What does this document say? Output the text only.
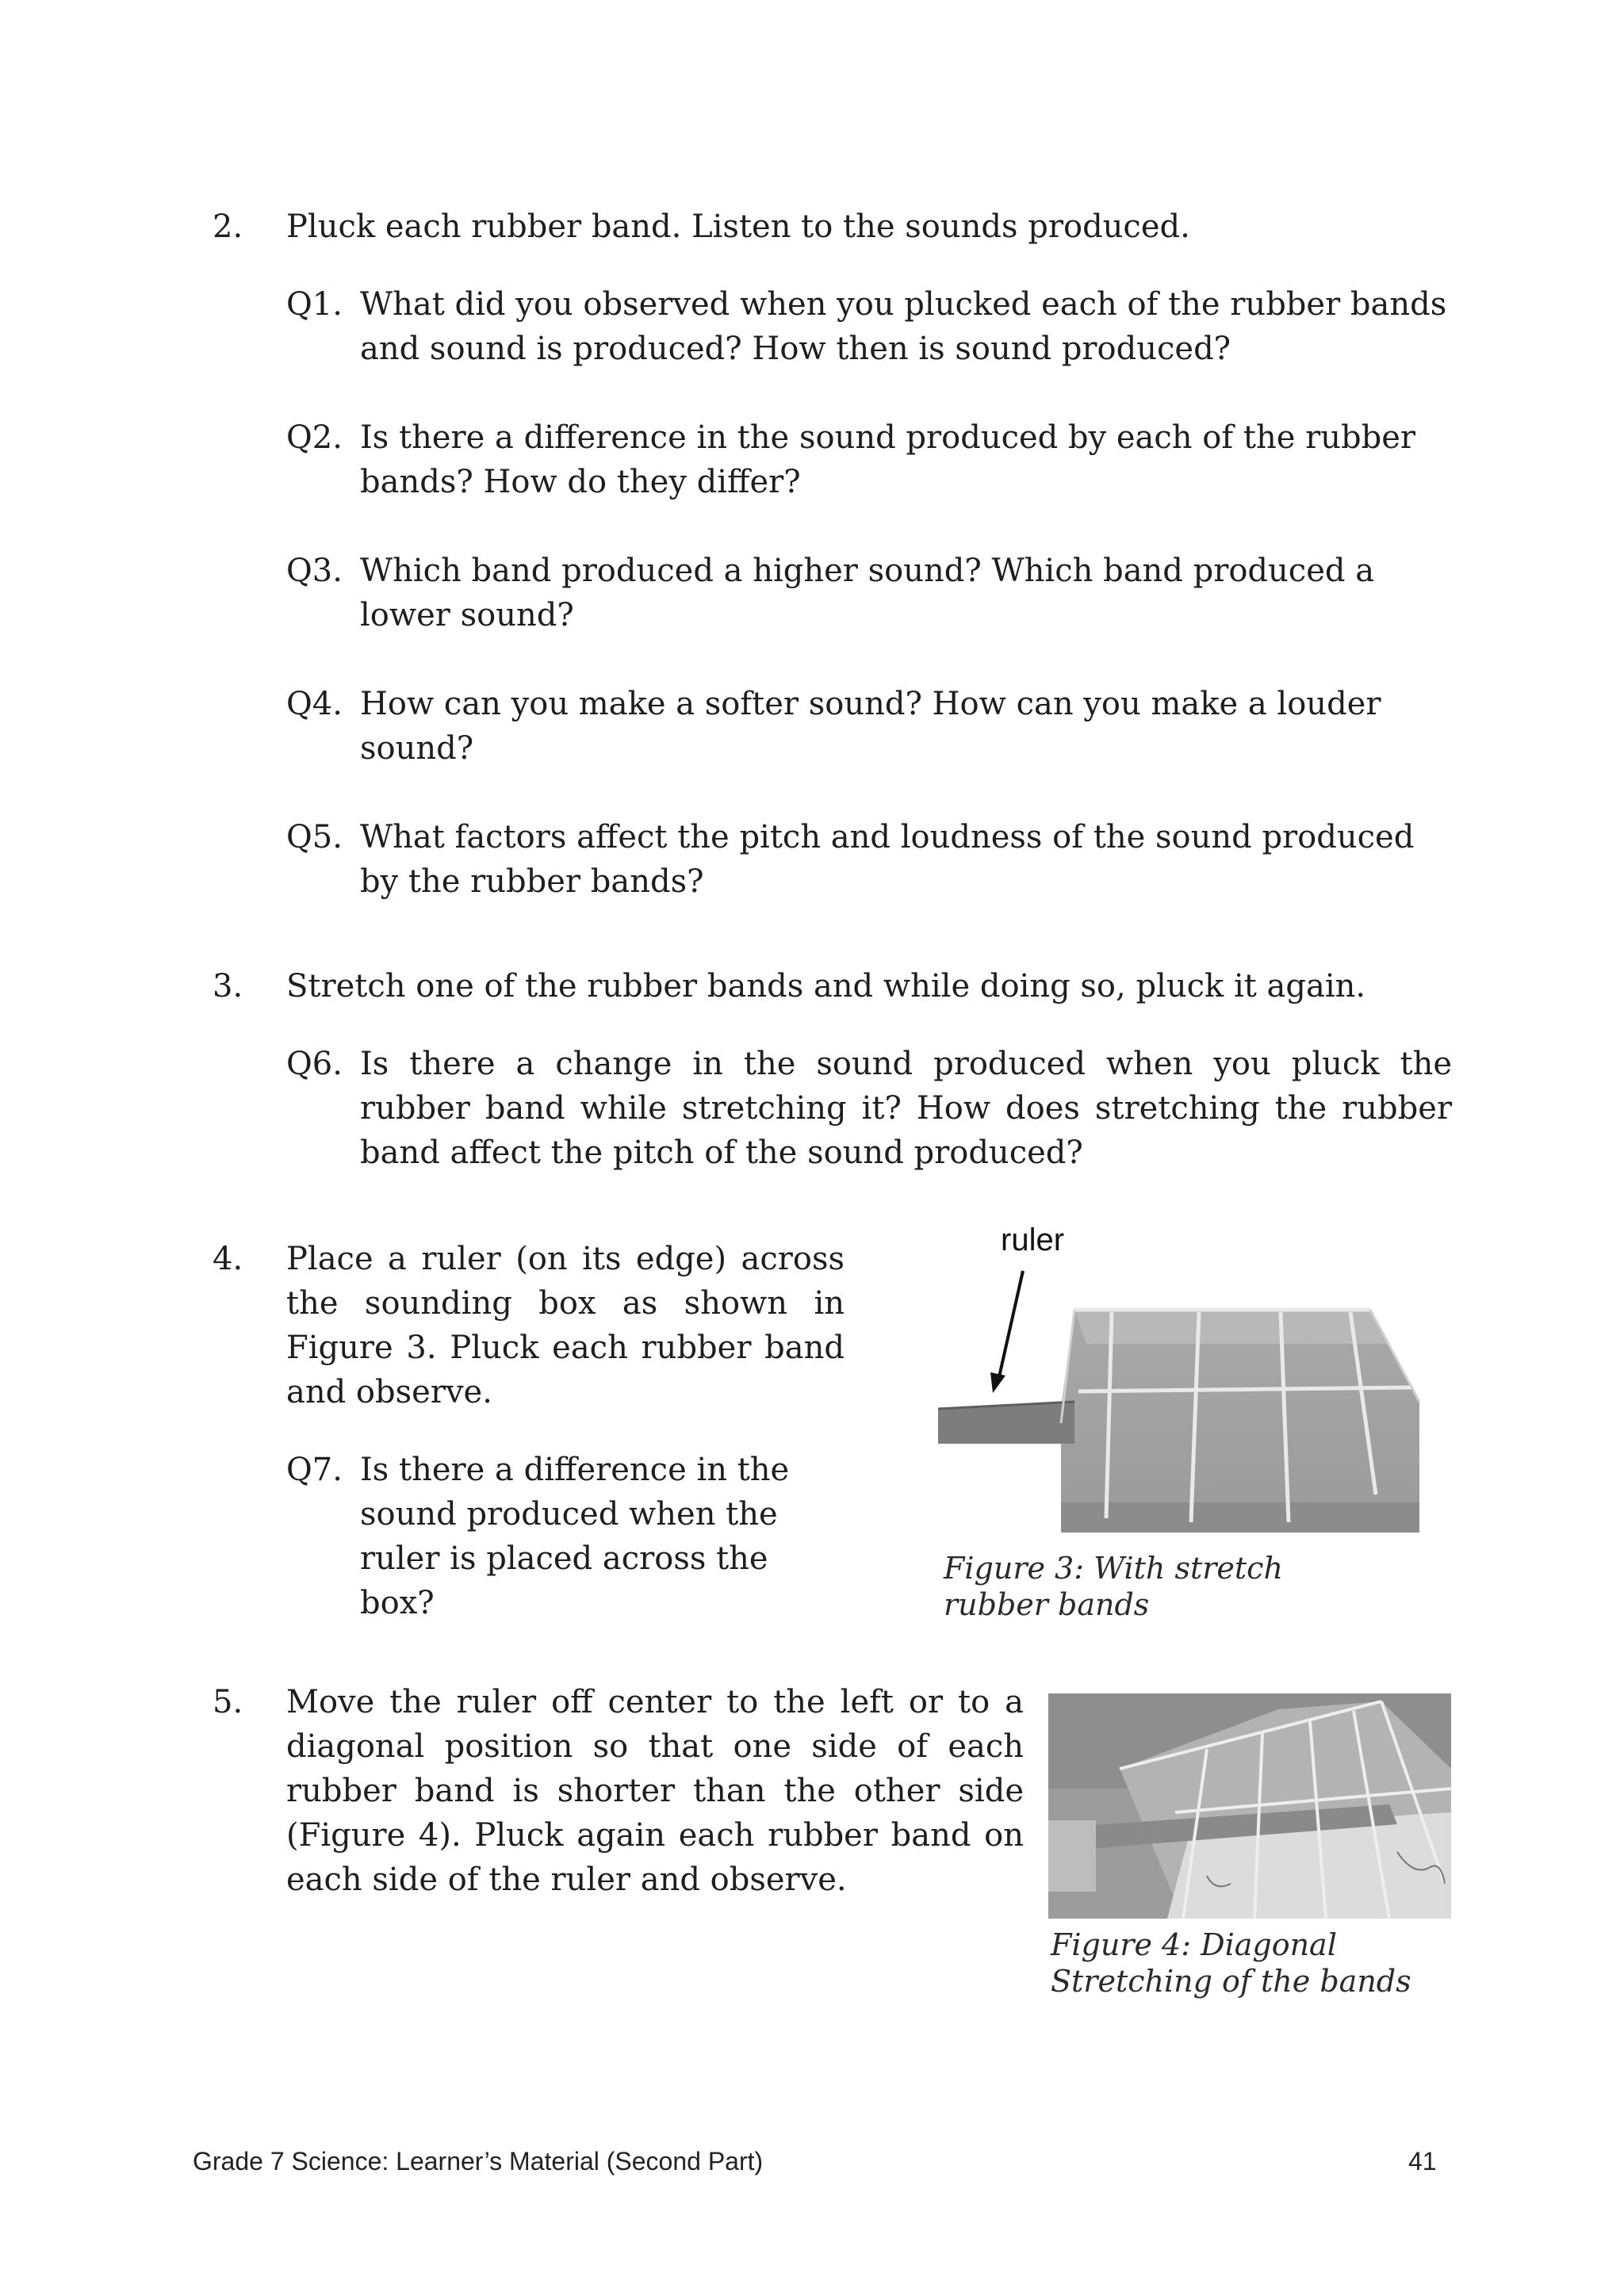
2. Pluck each rubber band. Listen to the sounds produced.

Q1. What did you observed when you plucked each of the rubber bands and sound is produced? How then is sound produced?
Q2. Is there a difference in the sound produced by each of the rubber bands? How do they differ?
Q3. Which band produced a higher sound? Which band produced a lower sound?
Q4. How can you make a softer sound? How can you make a louder sound?
Q5. What factors affect the pitch and loudness of the sound produced by the rubber bands?
3. Stretch one of the rubber bands and while doing so, pluck it again.

Q6. Is there a change in the sound produced when you pluck the rubber band while stretching it? How does stretching the rubber band affect the pitch of the sound produced?
4. Place a ruler (on its edge) across the sounding box as shown in Figure 3. Pluck each rubber band and observe.

Q7. Is there a difference in the sound produced when the ruler is placed across the box?
ruler
Figure 3: With stretch rubber bands
5. Move the ruler off center to the left or to a diagonal position so that one side of each rubber band is shorter than the other side (Figure 4). Pluck again each rubber band on each side of the ruler and observe.

Figure 4: Diagonal Stretching of the bands
Grade 7 Science: Learner’s Material (Second Part)	41
